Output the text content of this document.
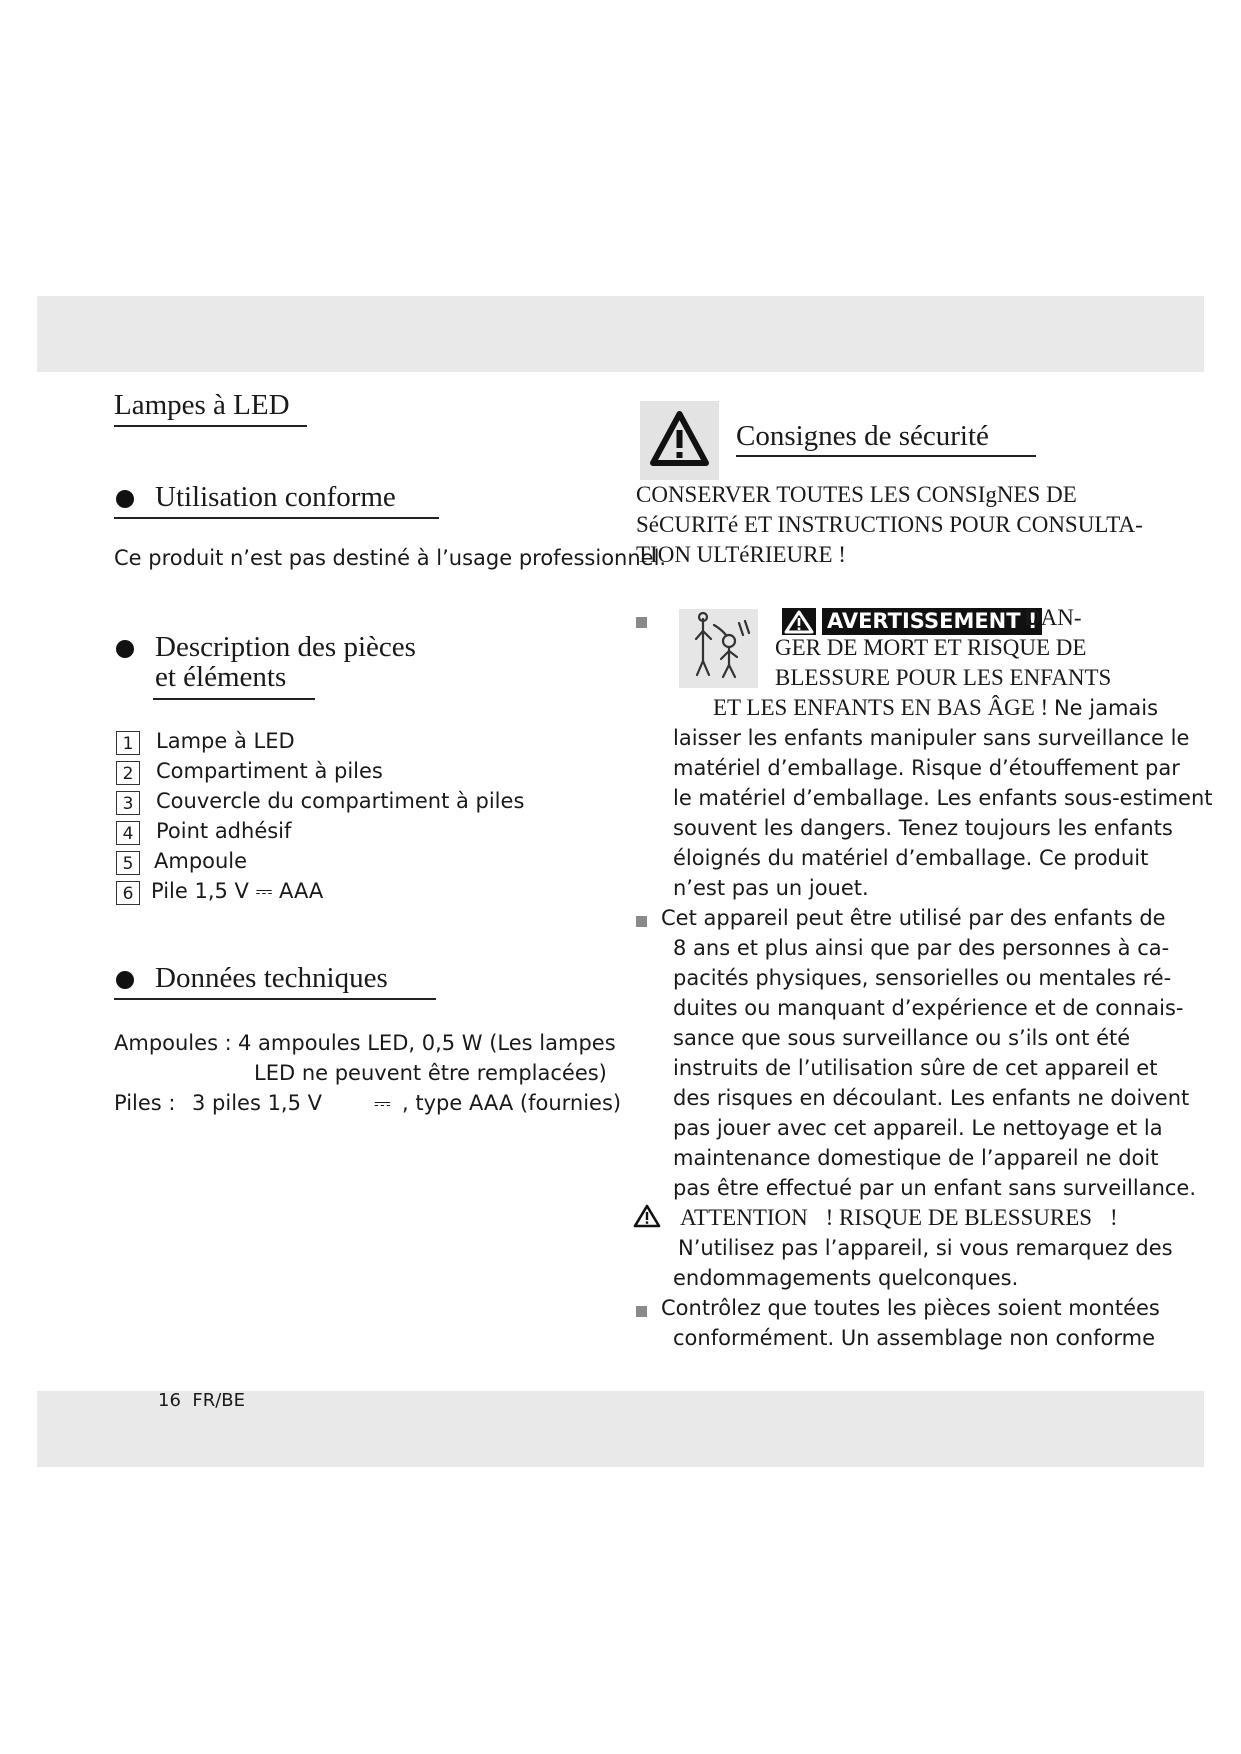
Lampes à LED
Utilisation conforme
Ce produit n’est pas destiné à l’usage professionnel.
Description des pièces
et éléments
1	Lampe à LED
2	Compartiment à piles
3	Couvercle du compartiment à piles
4	Point adhésif
5 Ampoule
6 Pile 1,5 V ⎓ AAA
Données techniques
Ampoules : 4 ampoules LED, 0,5 W (Les lampes
LED ne peuvent être remplacées)
Piles : 3 piles 1,5 V ⎓ , type AAA (fournies)
Consignes de sécurité
CONSERVER TOUTES LES CONSIgNES DE
SéCURITé ET INSTRUCTIONS POUR CONSULTA-
TION ULTéRIEURE !
AVERTISSEMENT !
DAN-
GER DE MORT ET RISQUE DE
BLESSURE POUR LES ENFANTS
ET LES ENFANTS EN BAS ÂGE ! Ne jamais
laisser les enfants manipuler sans surveillance le
matériel d’emballage. Risque d’étouffement par
le matériel d’emballage. Les enfants sous-estiment
souvent les dangers. Tenez toujours les enfants
éloignés du matériel d’emballage. Ce produit
n’est pas un jouet.
Cet appareil peut être utilisé par des enfants de
8 ans et plus ainsi que par des personnes à ca-
pacités physiques, sensorielles ou mentales ré-
duites ou manquant d’expérience et de connais-
sance que sous surveillance ou s’ils ont été
instruits de l’utilisation sûre de cet appareil et
des risques en découlant. Les enfants ne doivent
pas jouer avec cet appareil. Le nettoyage et la
maintenance domestique de l’appareil ne doit
pas être effectué par un enfant sans surveillance.
ATTENTION ! RISQUE DE BLESSURES !
N’utilisez pas l’appareil, si vous remarquez des
endommagements quelconques.
Contrôlez que toutes les pièces soient montées
conformément. Un assemblage non conforme
16 FR/BE
